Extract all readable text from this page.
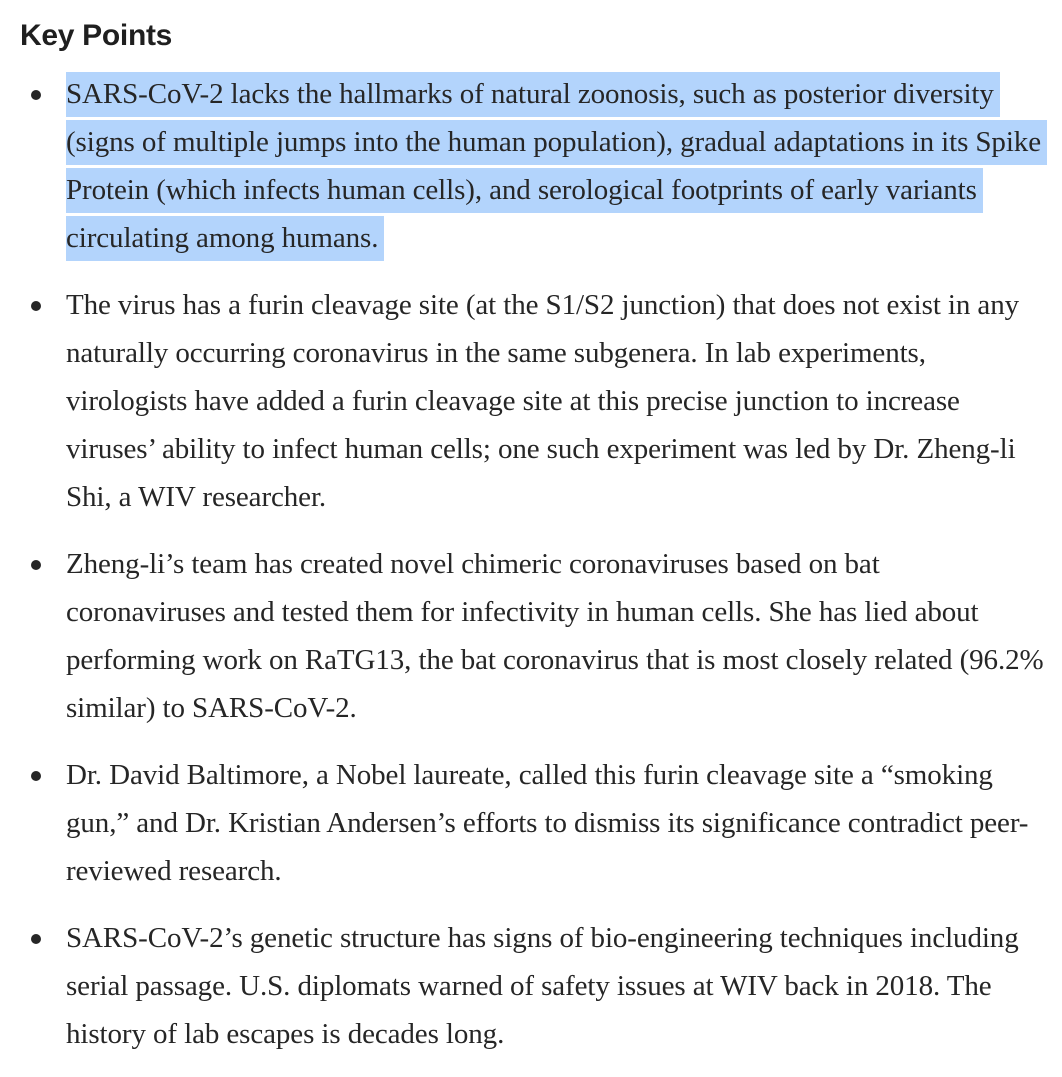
Key Points
SARS-CoV-2 lacks the hallmarks of natural zoonosis, such as posterior diversity (signs of multiple jumps into the human population), gradual adaptations in its Spike Protein (which infects human cells), and serological footprints of early variants circulating among humans.
The virus has a furin cleavage site (at the S1/S2 junction) that does not exist in any naturally occurring coronavirus in the same subgenera. In lab experiments, virologists have added a furin cleavage site at this precise junction to increase viruses’ ability to infect human cells; one such experiment was led by Dr. Zheng-li Shi, a WIV researcher.
Zheng-li’s team has created novel chimeric coronaviruses based on bat coronaviruses and tested them for infectivity in human cells. She has lied about performing work on RaTG13, the bat coronavirus that is most closely related (96.2% similar) to SARS-CoV-2.
Dr. David Baltimore, a Nobel laureate, called this furin cleavage site a “smoking gun,” and Dr. Kristian Andersen’s efforts to dismiss its significance contradict peer-reviewed research.
SARS-CoV-2’s genetic structure has signs of bio-engineering techniques including serial passage. U.S. diplomats warned of safety issues at WIV back in 2018. The history of lab escapes is decades long.
